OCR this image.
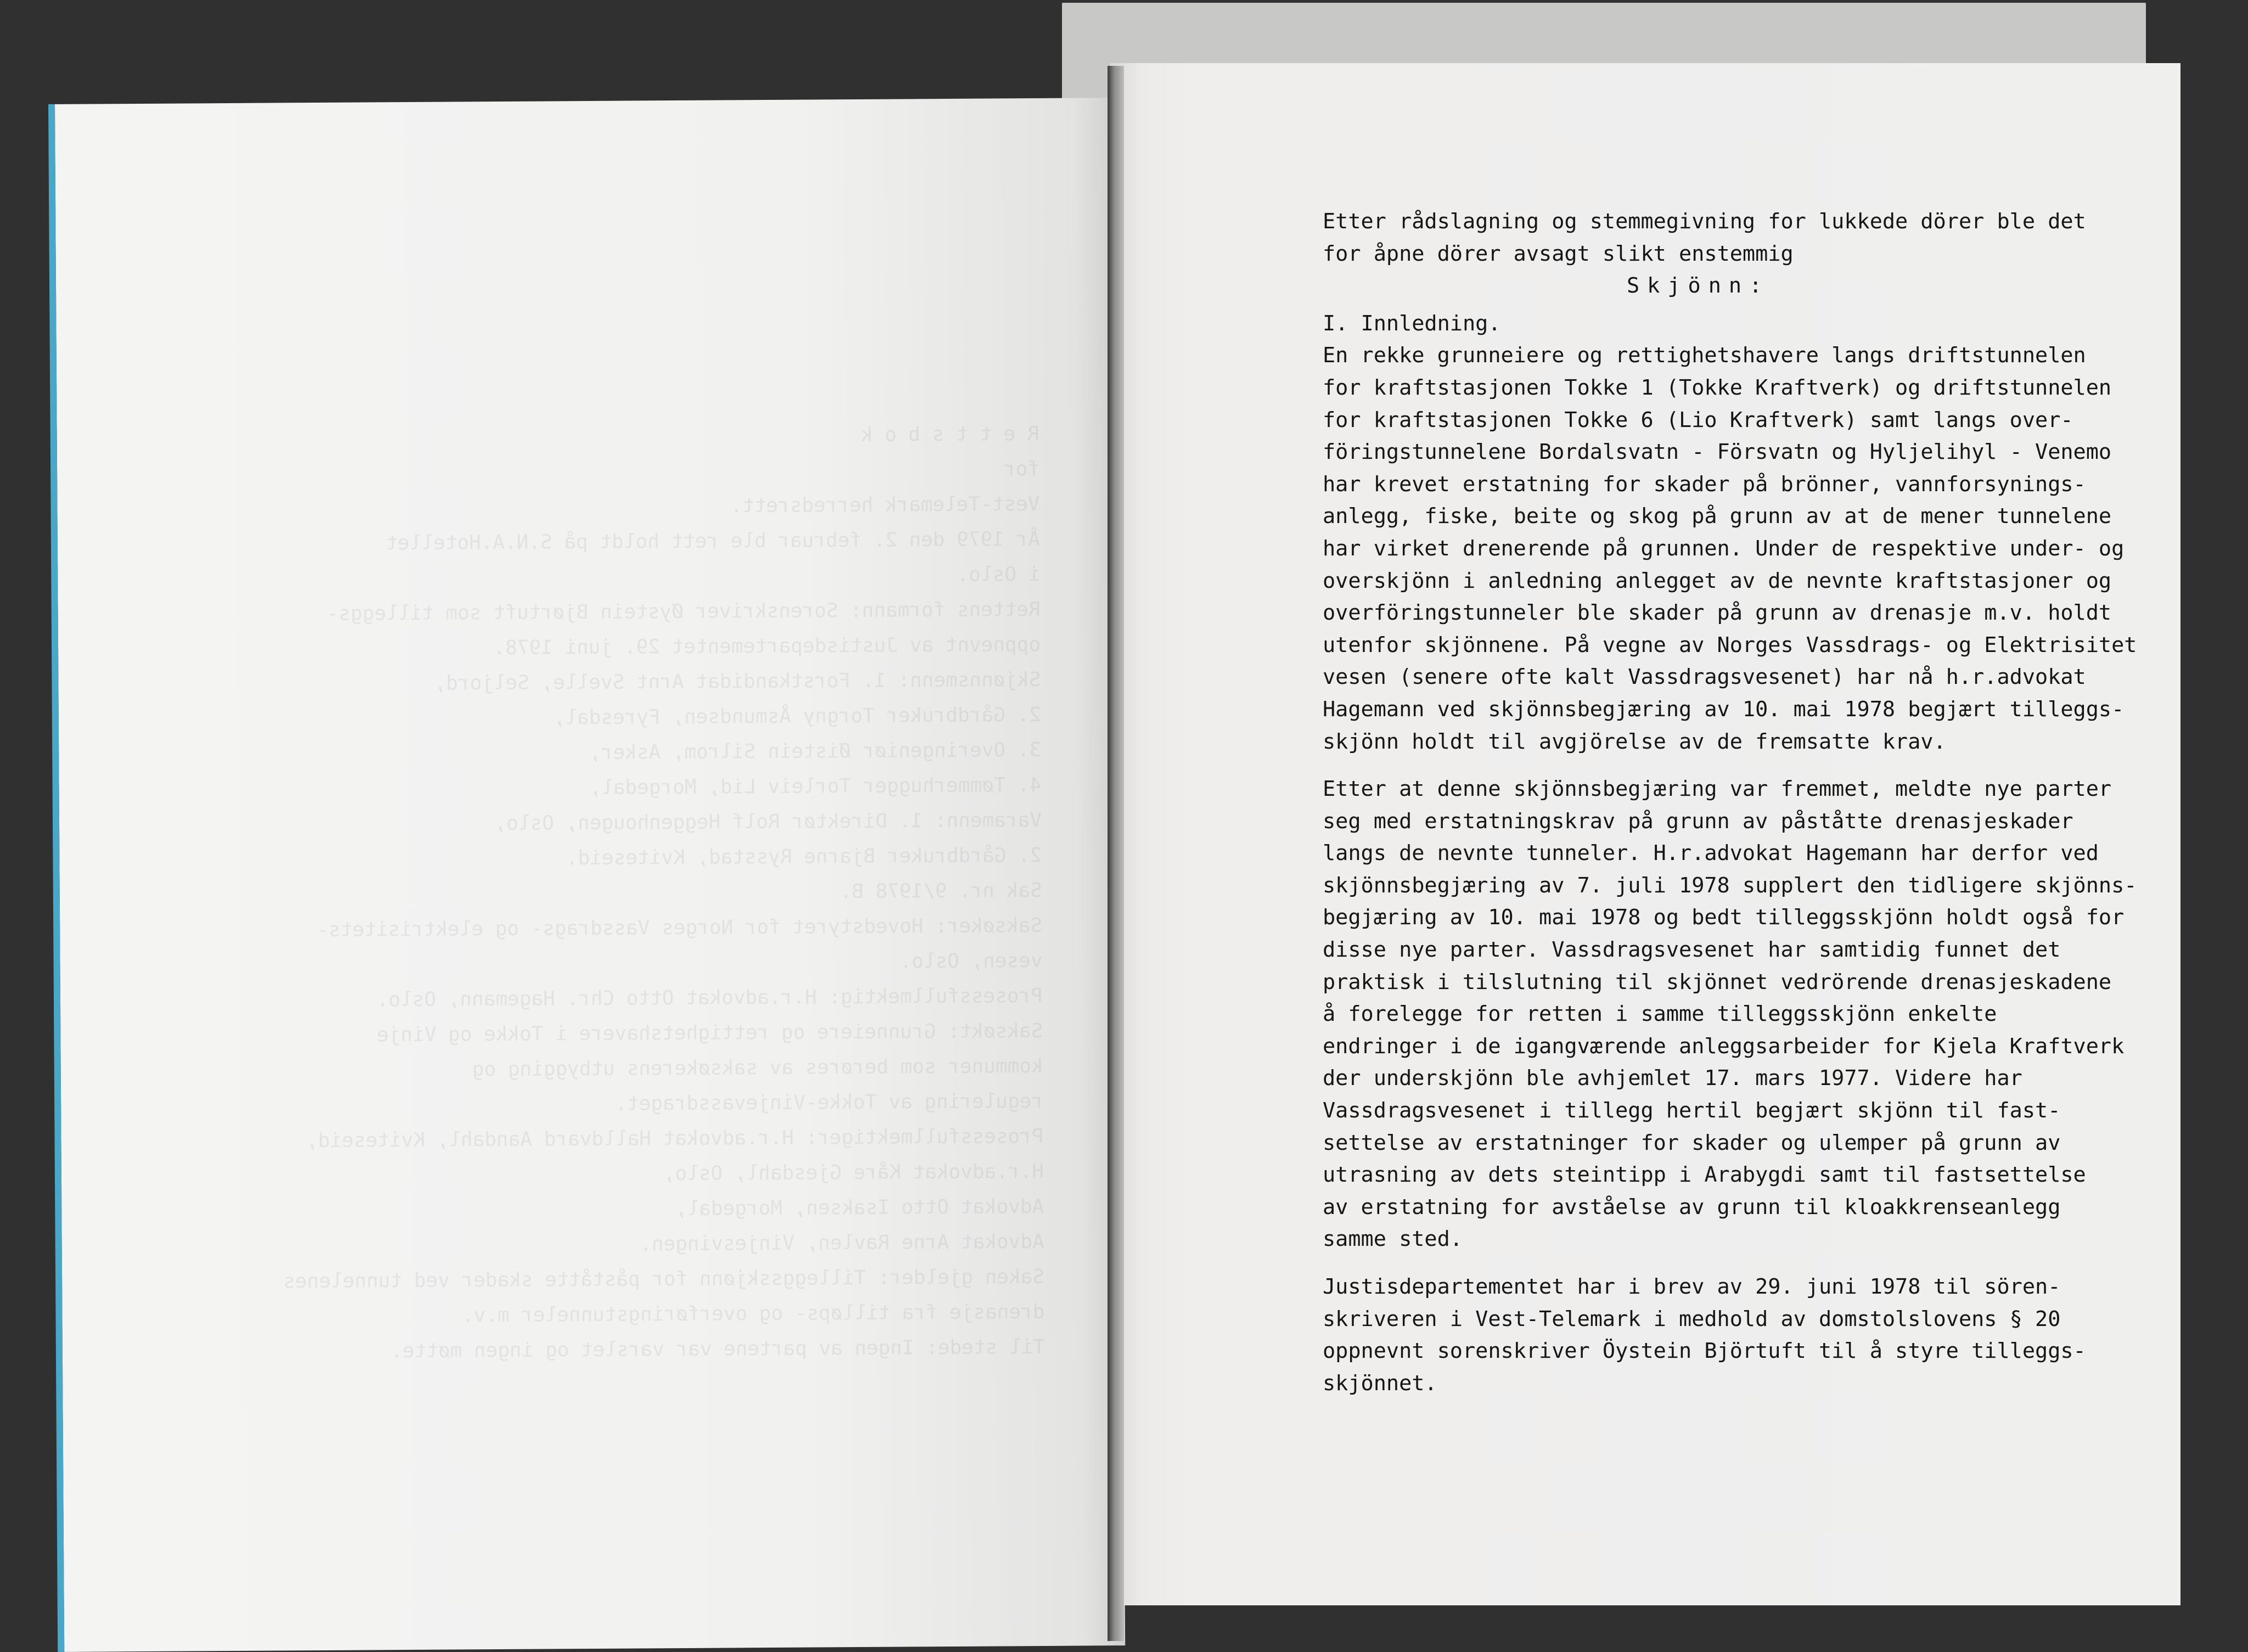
R e t t s b o k
for
Vest-Telemark herredsrett.
År 1979 den 2. februar ble rett holdt på S.N.A.Hotellet
i Oslo.
Rettens formann: Sorenskriver Øystein Bjørtuft som tilleggs-
oppnevnt av Justisdepartementet 29. juni 1978.
Skjønnsmenn: 1. Forstkandidat Arnt Svelle, Seljord,
2. Gårdbruker Torgny Åsmundsen, Fyresdal,
3. Overingeniør Øistein Silrom, Asker,
4. Tømmerhugger Torleiv Lid, Morgedal,
Varamenn: 1. Direktør Rolf Heggenhougen, Oslo,
2. Gårdbruker Bjarne Rysstad, Kviteseid.
Sak nr. 9/1978 B.
Saksøker: Hovedstyret for Norges Vassdrags- og elektrisitets-
vesen, Oslo.
Prosessfullmektig: H.r.advokat Otto Chr. Hagemann, Oslo.
Saksøkt: Grunneiere og rettighetshavere i Tokke og Vinje
kommuner som berøres av saksøkerens utbygging og
regulering av Tokke-Vinjevassdraget.
Prosessfullmektiger: H.r.advokat Halldvard Aandahl, Kviteseid,
H.r.advokat Kåre Gjesdahl, Oslo,
Advokat Otto Isaksen, Morgedal,
Advokat Arne Ravlen, Vinjesvingen.
Saken gjelder: Tilleggsskjønn for påståtte skader ved tunnelenes
drenasje fra tilløps- og overføringstunneler m.v.
Til stede: Ingen av partene var varslet og ingen møtte.

Etter rådslagning og stemmegivning for lukkede dörer ble det
for åpne dörer avsagt slikt enstemmig

Skjönn:

I. Innledning.

En rekke grunneiere og rettighetshavere langs driftstunnelen
for kraftstasjonen Tokke 1 (Tokke Kraftverk) og driftstunnelen
for kraftstasjonen Tokke 6 (Lio Kraftverk) samt langs over-
föringstunnelene Bordalsvatn - Försvatn og Hyljelihyl - Venemo
har krevet erstatning for skader på brönner, vannforsynings-
anlegg, fiske, beite og skog på grunn av at de mener tunnelene
har virket drenerende på grunnen. Under de respektive under- og
overskjönn i anledning anlegget av de nevnte kraftstasjoner og
overföringstunneler ble skader på grunn av drenasje m.v. holdt
utenfor skjönnene. På vegne av Norges Vassdrags- og Elektrisitet
vesen (senere ofte kalt Vassdragsvesenet) har nå h.r.advokat
Hagemann ved skjönnsbegjæring av 10. mai 1978 begjært tilleggs-
skjönn holdt til avgjörelse av de fremsatte krav.

Etter at denne skjönnsbegjæring var fremmet, meldte nye parter
seg med erstatningskrav på grunn av påståtte drenasjeskader
langs de nevnte tunneler. H.r.advokat Hagemann har derfor ved
skjönnsbegjæring av 7. juli 1978 supplert den tidligere skjönns-
begjæring av 10. mai 1978 og bedt tilleggsskjönn holdt også for
disse nye parter. Vassdragsvesenet har samtidig funnet det
praktisk i tilslutning til skjönnet vedrörende drenasjeskadene
å forelegge for retten i samme tilleggsskjönn enkelte
endringer i de igangværende anleggsarbeider for Kjela Kraftverk
der underskjönn ble avhjemlet 17. mars 1977. Videre har
Vassdragsvesenet i tillegg hertil begjært skjönn til fast-
settelse av erstatninger for skader og ulemper på grunn av
utrasning av dets steintipp i Arabygdi samt til fastsettelse
av erstatning for avståelse av grunn til kloakkrenseanlegg
samme sted.

Justisdepartementet har i brev av 29. juni 1978 til sören-
skriveren i Vest-Telemark i medhold av domstolslovens § 20
oppnevnt sorenskriver Öystein Björtuft til å styre tilleggs-
skjönnet.
